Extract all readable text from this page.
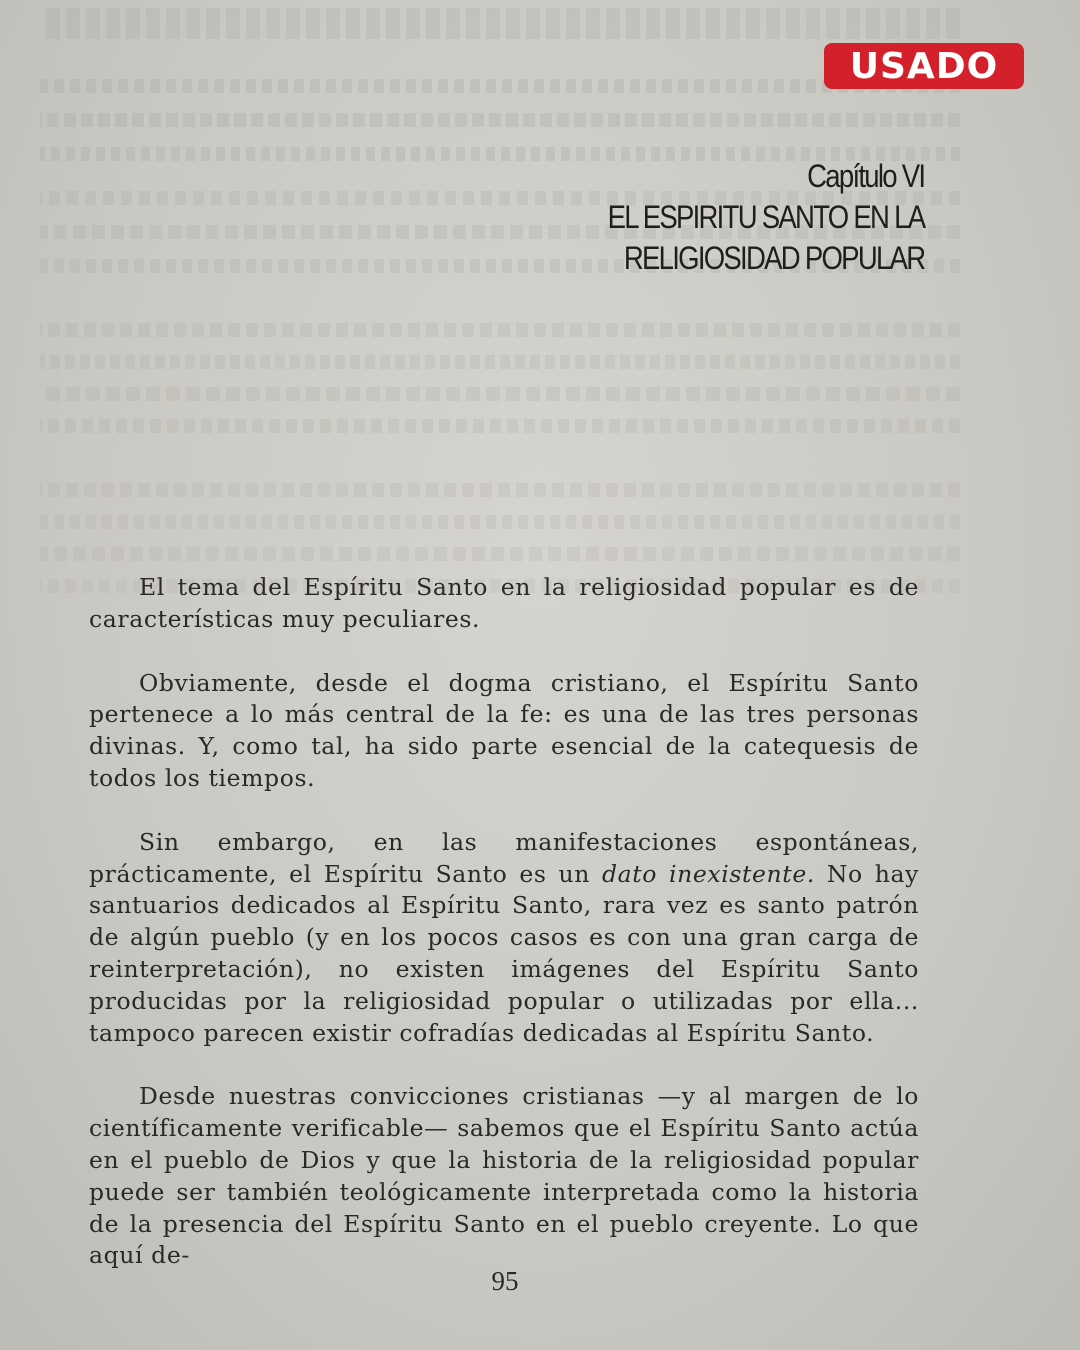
USADO
Capítulo VI
EL ESPIRITU SANTO EN LA
RELIGIOSIDAD POPULAR

El tema del Espíritu Santo en la religiosidad popular es de características muy peculiares.

Obviamente, desde el dogma cristiano, el Espíritu Santo pertenece a lo más central de la fe: es una de las tres personas divinas. Y, como tal, ha sido parte esencial de la catequesis de todos los tiempos.

Sin embargo, en las manifestaciones espontáneas, prácticamente, el Espíritu Santo es un dato inexistente. No hay santuarios dedicados al Espíritu Santo, rara vez es santo patrón de algún pueblo (y en los pocos casos es con una gran carga de reinterpretación), no existen imágenes del Espíritu Santo producidas por la religiosidad popular o utilizadas por ella... tampoco parecen existir cofradías dedicadas al Espíritu Santo.

Desde nuestras convicciones cristianas —y al margen de lo científicamente verificable— sabemos que el Espíritu Santo actúa en el pueblo de Dios y que la historia de la religiosidad popular puede ser también teológicamente interpretada como la historia de la presencia del Espíritu Santo en el pueblo creyente. Lo que aquí de-

95
